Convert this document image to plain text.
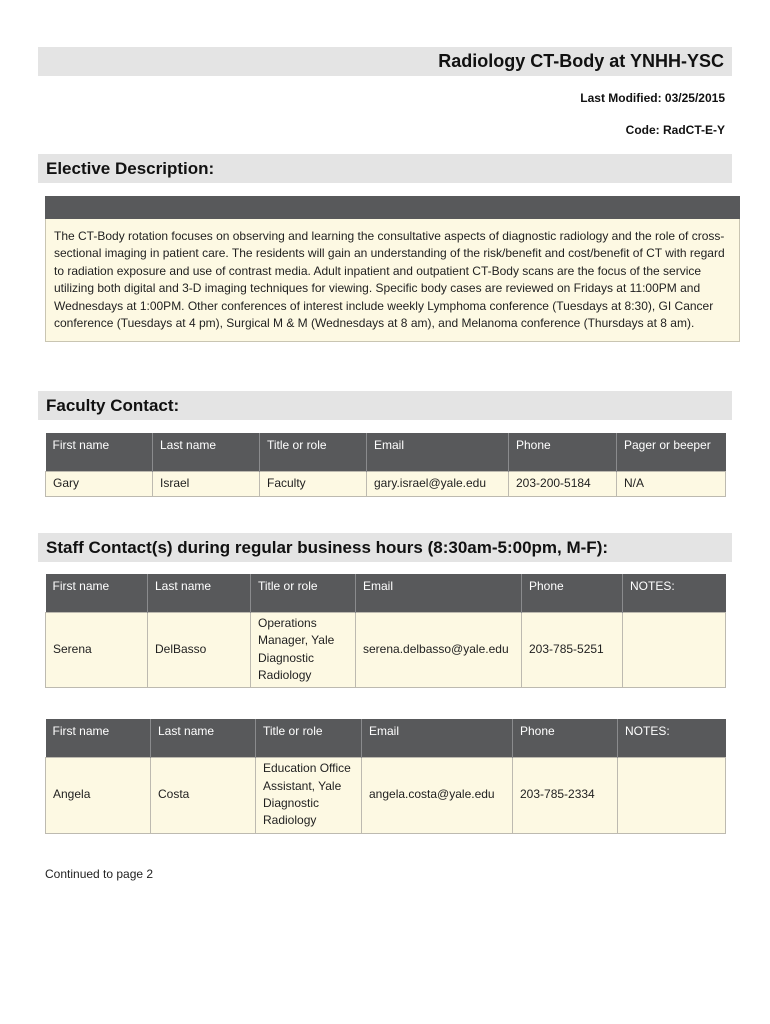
Radiology CT-Body at YNHH-YSC
Last Modified: 03/25/2015
Code: RadCT-E-Y
Elective Description:
The CT-Body rotation focuses on observing and learning the consultative aspects of diagnostic radiology and the role of cross-sectional imaging in patient care. The residents will gain an understanding of the risk/benefit and cost/benefit of CT with regard to radiation exposure and use of contrast media. Adult inpatient and outpatient CT-Body scans are the focus of the service utilizing both digital and 3-D imaging techniques for viewing. Specific body cases are reviewed on Fridays at 11:00PM and Wednesdays at 1:00PM. Other conferences of interest include weekly Lymphoma conference (Tuesdays at 8:30), GI Cancer conference (Tuesdays at 4 pm), Surgical M & M (Wednesdays at 8 am), and Melanoma conference (Thursdays at 8 am).
Faculty Contact:
First name	Last name	Title or role	Email	Phone	Pager or beeper
Gary	Israel	Faculty	gary.israel@yale.edu	203-200-5184	N/A
Staff Contact(s) during regular business hours (8:30am-5:00pm, M-F):
First name	Last name	Title or role	Email	Phone	NOTES:
Serena	DelBasso	Operations Manager, Yale Diagnostic Radiology	serena.delbasso@yale.edu	203-785-5251	
First name	Last name	Title or role	Email	Phone	NOTES:
Angela	Costa	Education Office Assistant, Yale Diagnostic Radiology	angela.costa@yale.edu	203-785-2334	
Continued to page 2
